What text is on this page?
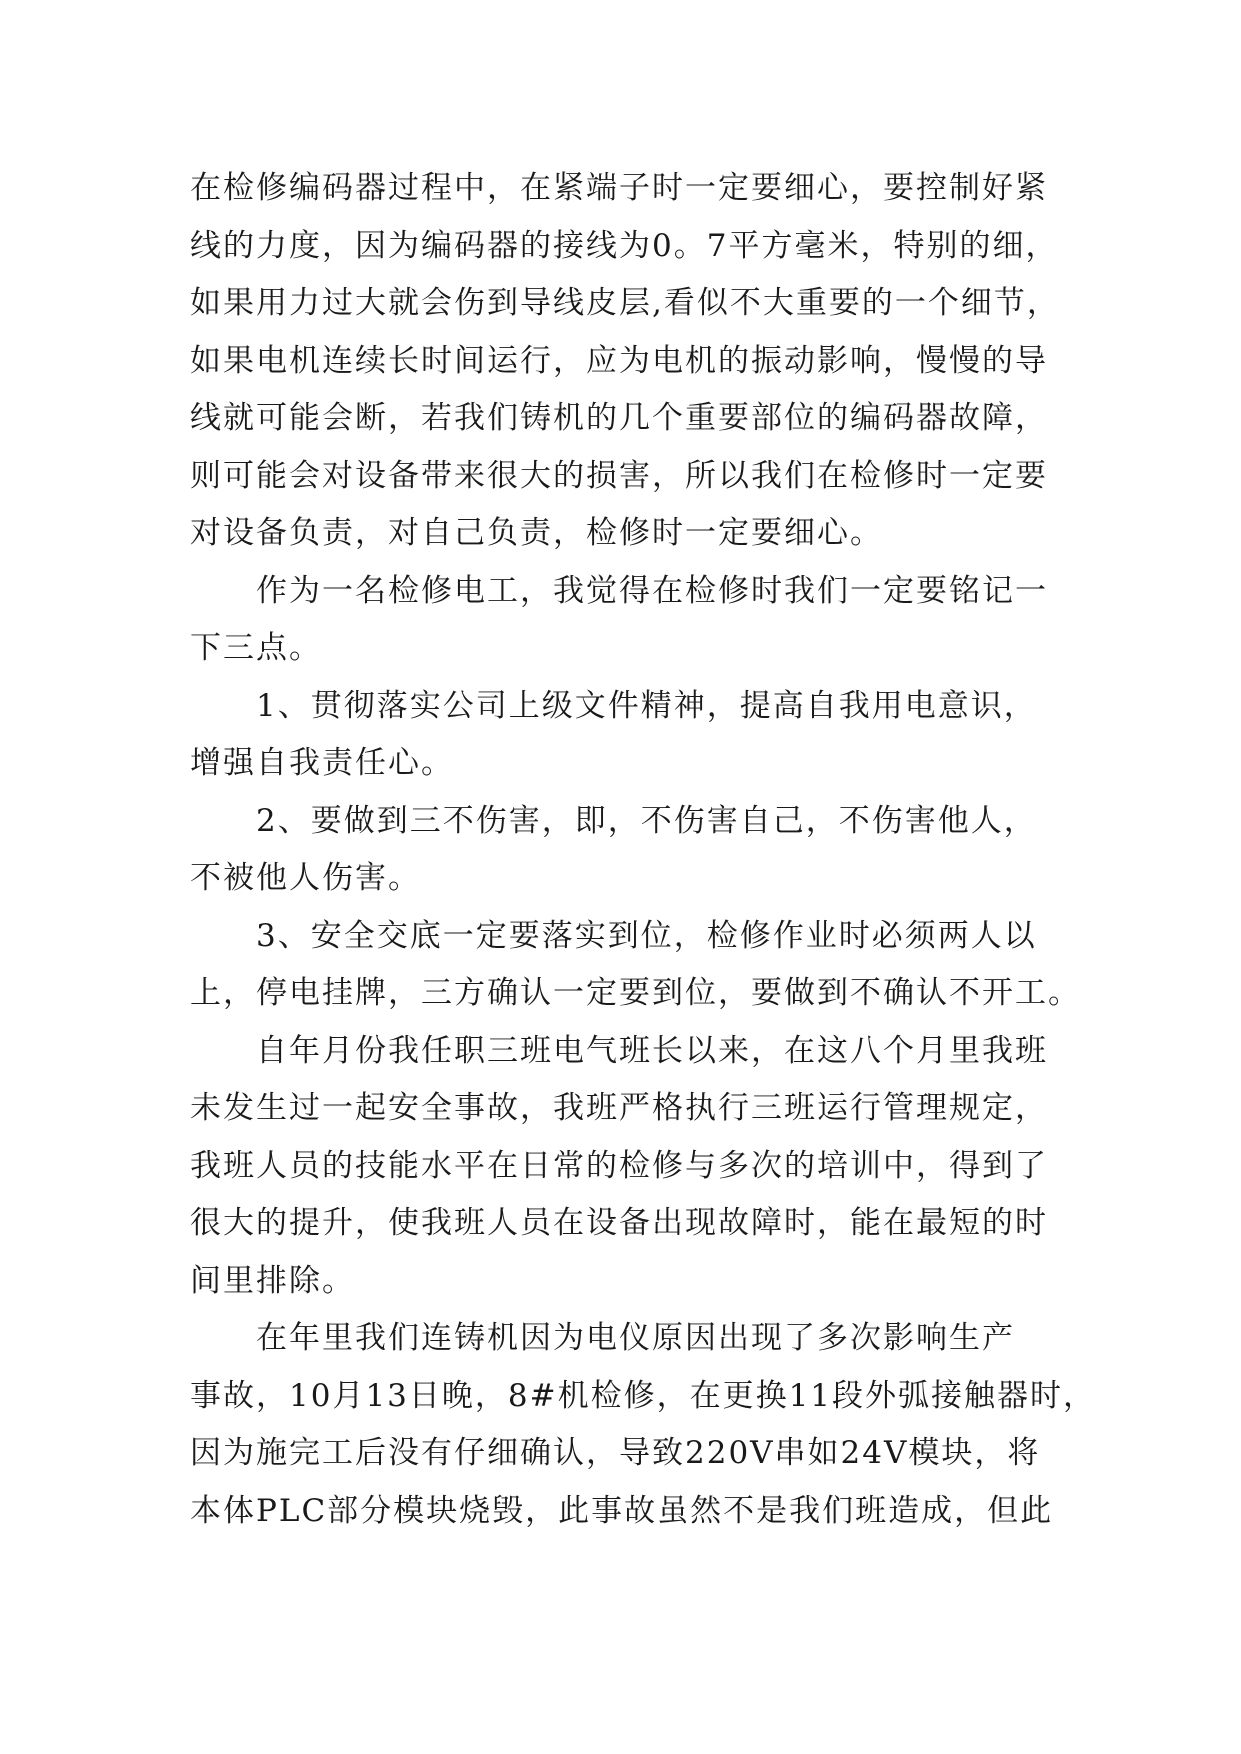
在检修编码器过程中，在紧端子时一定要细心，要控制好紧
线的力度，因为编码器的接线为0。7平方毫米，特别的细，
如果用力过大就会伤到导线皮层,看似不大重要的一个细节，
如果电机连续长时间运行，应为电机的振动影响，慢慢的导
线就可能会断，若我们铸机的几个重要部位的编码器故障，
则可能会对设备带来很大的损害，所以我们在检修时一定要
对设备负责，对自己负责，检修时一定要细心。
作为一名检修电工，我觉得在检修时我们一定要铭记一
下三点。
1、贯彻落实公司上级文件精神，提高自我用电意识，
增强自我责任心。
2、要做到三不伤害，即，不伤害自己，不伤害他人，
不被他人伤害。
3、安全交底一定要落实到位，检修作业时必须两人以
上，停电挂牌，三方确认一定要到位，要做到不确认不开工。
自年月份我任职三班电气班长以来，在这八个月里我班
未发生过一起安全事故，我班严格执行三班运行管理规定，
我班人员的技能水平在日常的检修与多次的培训中，得到了
很大的提升，使我班人员在设备出现故障时，能在最短的时
间里排除。
在年里我们连铸机因为电仪原因出现了多次影响生产
事故，10月13日晚，8#机检修，在更换11段外弧接触器时，
因为施完工后没有仔细确认，导致220V串如24V模块，将
本体PLC部分模块烧毁，此事故虽然不是我们班造成，但此
